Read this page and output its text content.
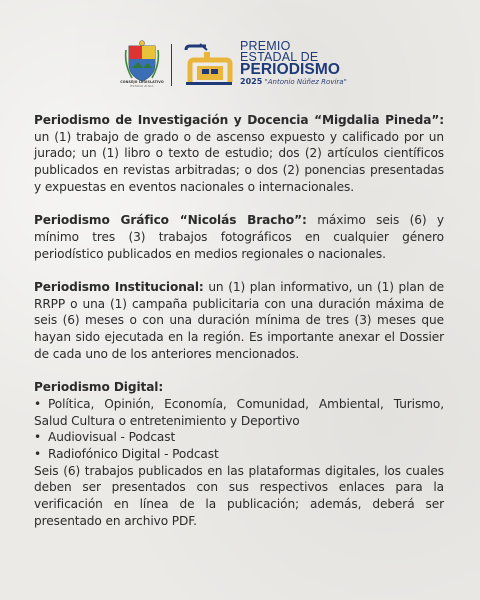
CONSEJO LEGISLATIVO
ESTADO ZULIA
PREMIO
ESTADAL DE
PERIODISMO
2025 "Antonio Núñez Rovira"

Periodismo de Investigación y Docencia “Migdalia Pineda”: un (1) trabajo de grado o de ascenso expuesto y calificado por un jurado; un (1) libro o texto de estudio; dos (2) artículos científicos publicados en revistas arbitradas; o dos (2) ponencias presentadas y expuestas en eventos nacionales o internacionales.

Periodismo Gráfico “Nicolás Bracho”: máximo seis (6) y mínimo tres (3) trabajos fotográficos en cualquier género periodístico publicados en medios regionales o nacionales.

Periodismo Institucional: un (1) plan informativo, un (1) plan de RRPP o una (1) campaña publicitaria con una duración máxima de seis (6) meses o con una duración mínima de tres (3) meses que hayan sido ejecutada en la región. Es importante anexar el Dossier de cada uno de los anteriores mencionados.

Periodismo Digital:
• Política, Opinión, Economía, Comunidad, Ambiental, Turismo, Salud Cultura o entretenimiento y Deportivo
• Audiovisual - Podcast
• Radiofónico Digital - Podcast
Seis (6) trabajos publicados en las plataformas digitales, los cuales deben ser presentados con sus respectivos enlaces para la verificación en línea de la publicación; además, deberá ser presentado en archivo PDF.
